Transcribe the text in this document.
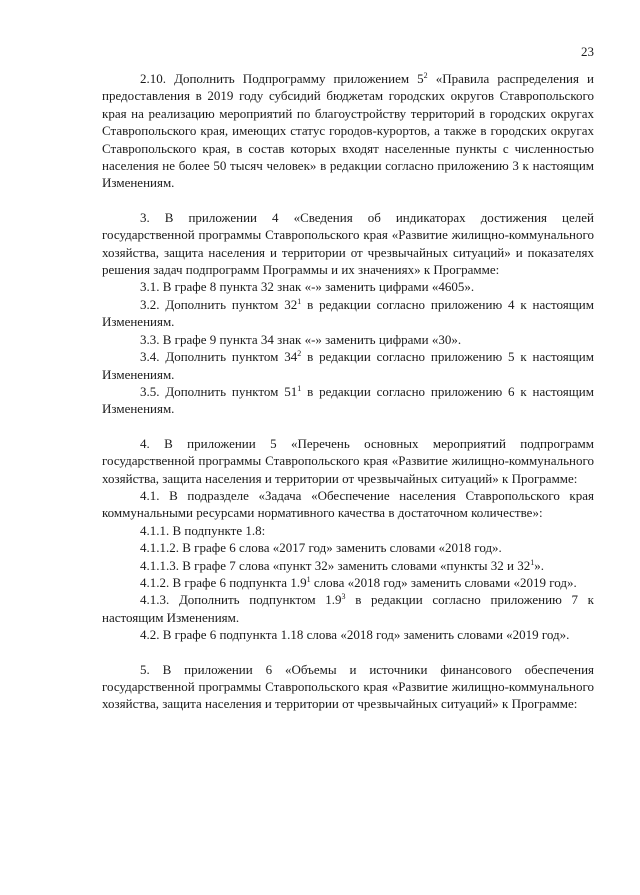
23

2.10. Дополнить Подпрограмму приложением $5^2$ «Правила распределения и предоставления в 2019 году субсидий бюджетам городских округов Ставропольского края на реализацию мероприятий по благоустройству территорий в городских округах Ставропольского края, имеющих статус городов-курортов, а также в городских округах Ставропольского края, в состав которых входят населенные пункты с численностью населения не более 50 тысяч человек» в редакции согласно приложению 3 к настоящим Изменениям.

3. В приложении 4 «Сведения об индикаторах достижения целей государственной программы Ставропольского края «Развитие жилищно-коммунального хозяйства, защита населения и территории от чрезвычайных ситуаций» и показателях решения задач подпрограмм Программы и их значениях» к Программе:

3.1. В графе 8 пункта 32 знак «-» заменить цифрами «4605».

3.2. Дополнить пунктом $32^1$ в редакции согласно приложению 4 к настоящим Изменениям.

3.3. В графе 9 пункта 34 знак «-» заменить цифрами «30».

3.4. Дополнить пунктом $34^2$ в редакции согласно приложению 5 к настоящим Изменениям.

3.5. Дополнить пунктом $51^1$ в редакции согласно приложению 6 к настоящим Изменениям.

4. В приложении 5 «Перечень основных мероприятий подпрограмм государственной программы Ставропольского края «Развитие жилищно-коммунального хозяйства, защита населения и территории от чрезвычайных ситуаций» к Программе:

4.1. В подразделе «Задача «Обеспечение населения Ставропольского края коммунальными ресурсами нормативного качества в достаточном количестве»:

4.1.1. В подпункте 1.8:

4.1.1.2. В графе 6 слова «2017 год» заменить словами «2018 год».

4.1.1.3. В графе 7 слова «пункт 32» заменить словами «пункты 32 и $32^1$».

4.1.2. В графе 6 подпункта $1.9^1$ слова «2018 год» заменить словами «2019 год».

4.1.3. Дополнить подпунктом $1.9^3$ в редакции согласно приложению 7 к настоящим Изменениям.

4.2. В графе 6 подпункта 1.18 слова «2018 год» заменить словами «2019 год».

5. В приложении 6 «Объемы и источники финансового обеспечения государственной программы Ставропольского края «Развитие жилищно-коммунального хозяйства, защита населения и территории от чрезвычайных ситуаций» к Программе:
